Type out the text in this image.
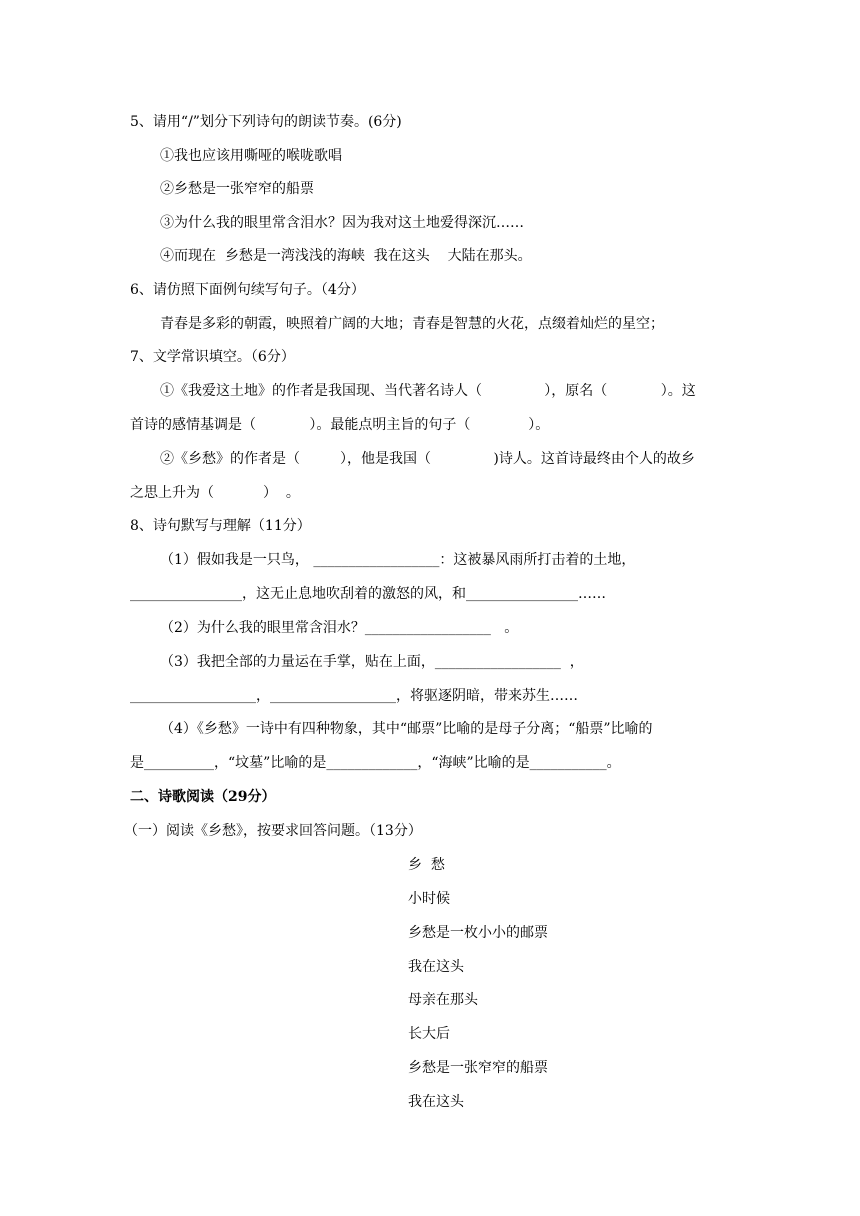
5、请用“/”划分下列诗句的朗读节奏。(6分)
①我也应该用嘶哑的喉咙歌唱
②乡愁是一张窄窄的船票
③为什么我的眼里常含泪水？因为我对这土地爱得深沉……
④而现在  乡愁是一湾浅浅的海峡  我在这头    大陆在那头。
6、请仿照下面例句续写句子。（4分）
青春是多彩的朝霞，映照着广阔的大地；青春是智慧的火花，点缀着灿烂的星空；
7、文学常识填空。（6分）
①《我爱这土地》的作者是我国现、当代著名诗人（              ），原名（            ）。这
首诗的感情基调是（            ）。最能点明主旨的句子（             ）。
②《乡愁》的作者是（         ），他是我国（              )诗人。这首诗最终由个人的故乡
之思上升为（           ）  。
8、诗句默写与理解（11分）
（1）假如我是一只鸟， __________________：这被暴风雨所打击着的土地，
________________，这无止息地吹刮着的激怒的风，和________________……
（2）为什么我的眼里常含泪水？__________________   。
（3）我把全部的力量运在手掌，贴在上面，__________________  ，
__________________，__________________，将驱逐阴暗，带来苏生……
（4）《乡愁》一诗中有四种物象，其中“邮票”比喻的是母子分离；“船票”比喻的
是__________，“坟墓”比喻的是_____________，“海峡”比喻的是___________。
二、诗歌阅读（29分）
（一）阅读《乡愁》，按要求回答问题。（13分）
乡  愁
小时候
乡愁是一枚小小的邮票
我在这头
母亲在那头
长大后
乡愁是一张窄窄的船票
我在这头
